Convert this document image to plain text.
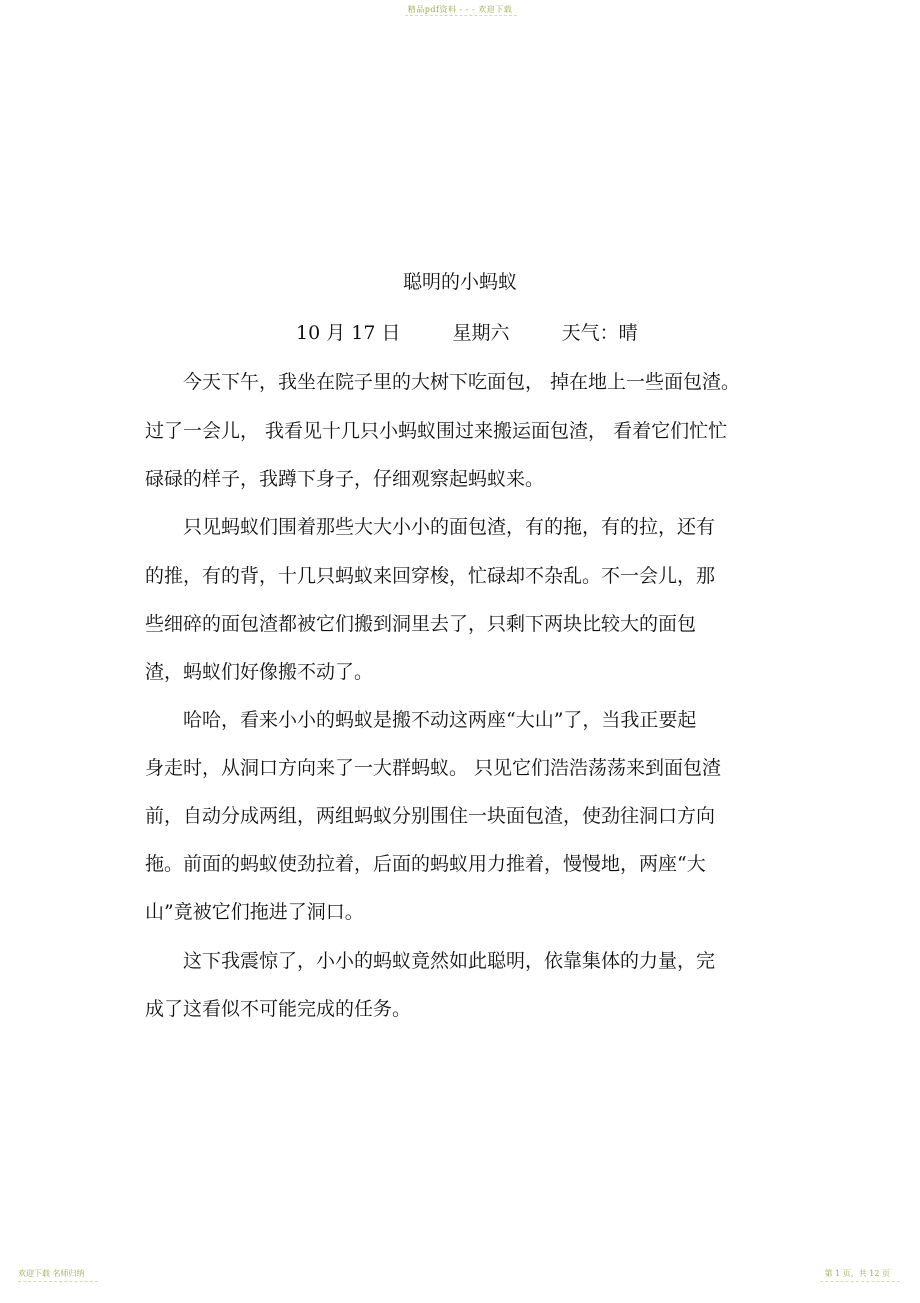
精品pdf资料 - - - 欢迎下载
聪明的小蚂蚁
10 月 17 日	星期六	天气：晴
　　今天下午，我坐在院子里的大树下吃面包， 掉在地上一些面包渣。
过了一会儿， 我看见十几只小蚂蚁围过来搬运面包渣， 看着它们忙忙
碌碌的样子，我蹲下身子，仔细观察起蚂蚁来。
　　只见蚂蚁们围着那些大大小小的面包渣，有的拖，有的拉，还有
的推，有的背，十几只蚂蚁来回穿梭，忙碌却不杂乱。不一会儿，那
些细碎的面包渣都被它们搬到洞里去了，只剩下两块比较大的面包
渣，蚂蚁们好像搬不动了。
　　哈哈，看来小小的蚂蚁是搬不动这两座“大山”了，当我正要起
身走时，从洞口方向来了一大群蚂蚁。 只见它们浩浩荡荡来到面包渣
前，自动分成两组，两组蚂蚁分别围住一块面包渣，使劲往洞口方向
拖。前面的蚂蚁使劲拉着，后面的蚂蚁用力推着，慢慢地，两座“大
山”竟被它们拖进了洞口。
　　这下我震惊了，小小的蚂蚁竟然如此聪明，依靠集体的力量，完
成了这看似不可能完成的任务。
欢迎下载 名师归纳	第 1 页，共 12 页
